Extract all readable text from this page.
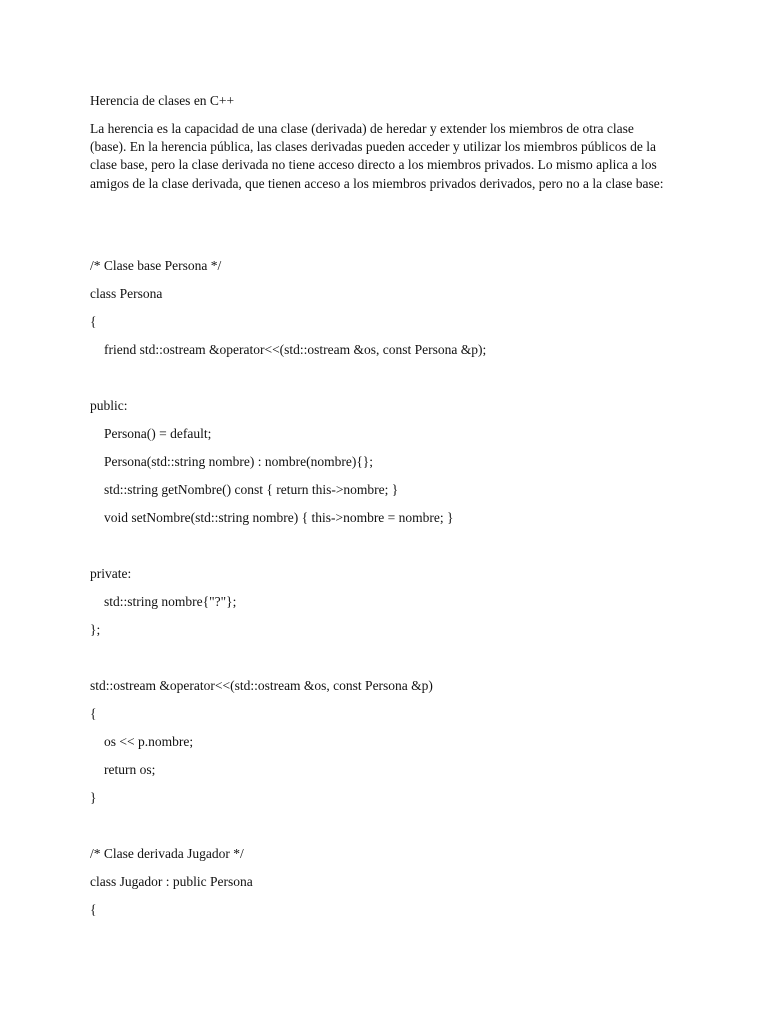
Herencia de clases en C++

La herencia es la capacidad de una clase (derivada) de heredar y extender los miembros de otra clase

(base). En la herencia pública, las clases derivadas pueden acceder y utilizar los miembros públicos de la

clase base, pero la clase derivada no tiene acceso directo a los miembros privados. Lo mismo aplica a los

amigos de la clase derivada, que tienen acceso a los miembros privados derivados, pero no a la clase base:

/* Clase base Persona */
class Persona
{
friend std::ostream &operator<<(std::ostream &os, const Persona &p);
public:
Persona() = default;
Persona(std::string nombre) : nombre(nombre){};
std::string getNombre() const { return this->nombre; }
void setNombre(std::string nombre) { this->nombre = nombre; }
private:
std::string nombre{"?"};
};
std::ostream &operator<<(std::ostream &os, const Persona &p)
{
os << p.nombre;
return os;
}
/* Clase derivada Jugador */
class Jugador : public Persona
{
